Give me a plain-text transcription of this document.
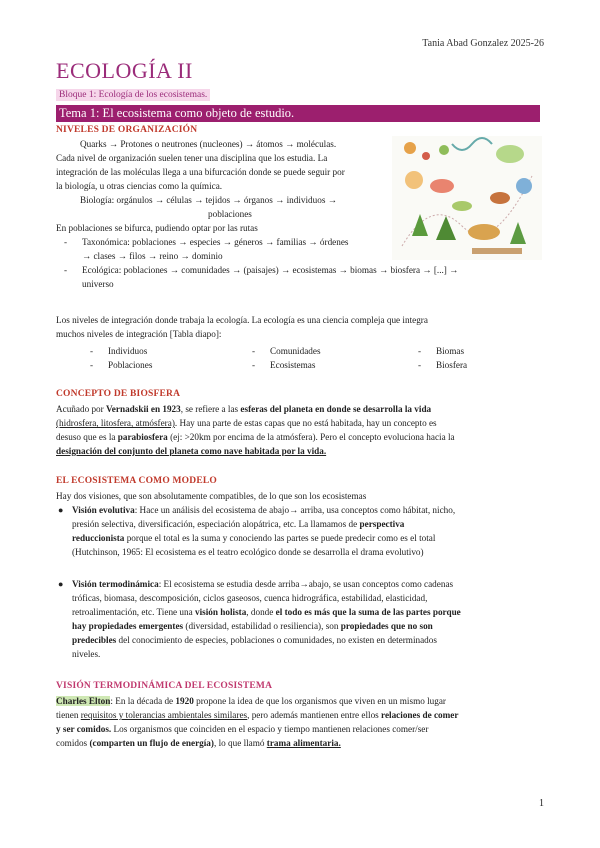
Tania Abad Gonzalez 2025-26
ECOLOGÍA II
Bloque 1: Ecología de los ecosistemas.
Tema 1: El ecosistema como objeto de estudio.
NIVELES DE ORGANIZACIÓN
Quarks → Protones o neutrones (nucleones) → átomos → moléculas.
Cada nivel de organización suelen tener una disciplina que los estudia. La
integración de las moléculas llega a una bifurcación donde se puede seguir por
la biología, u otras ciencias como la química.
Biología: orgánulos → células → tejidos → órganos → individuos →
poblaciones
En poblaciones se bifurca, pudiendo optar por las rutas
- Taxonómica: poblaciones → especies → géneros → familias → órdenes
→ clases → filos → reino → dominio
- Ecológica: poblaciones → comunidades → (paisajes) → ecosistemas → biomas → biosfera → [...] →
universo
Los niveles de integración donde trabaja la ecología. La ecología es una ciencia compleja que integra
muchos niveles de integración [Tabla diapo]:
- Individuos	- Comunidades	- Biomas
- Poblaciones	- Ecosistemas	- Biosfera
CONCEPTO DE BIOSFERA
Acuñado por Vernadskii en 1923, se refiere a las esferas del planeta en donde se desarrolla la vida
(hidrosfera, litosfera, atmósfera). Hay una parte de estas capas que no está habitada, hay un concepto es
desuso que es la parabiosfera (ej: >20km por encima de la atmósfera). Pero el concepto evoluciona hacia la
designación del conjunto del planeta como nave habitada por la vida.
EL ECOSISTEMA COMO MODELO
Hay dos visiones, que son absolutamente compatibles, de lo que son los ecosistemas
● Visión evolutiva: Hace un análisis del ecosistema de abajo→ arriba, usa conceptos como hábitat, nicho,
presión selectiva, diversificación, especiación alopátrica, etc. La llamamos de perspectiva
reduccionista porque el total es la suma y conociendo las partes se puede predecir como es el total
(Hutchinson, 1965: El ecosistema es el teatro ecológico donde se desarrolla el drama evolutivo)
● Visión termodinámica: El ecosistema se estudia desde arriba→abajo, se usan conceptos como cadenas
tróficas, biomasa, descomposición, ciclos gaseosos, cuenca hidrográfica, estabilidad, elasticidad,
retroalimentación, etc. Tiene una visión holista, donde el todo es más que la suma de las partes porque
hay propiedades emergentes (diversidad, estabilidad o resiliencia), son propiedades que no son
predecibles del conocimiento de especies, poblaciones o comunidades, no existen en determinados
niveles.
VISIÓN TERMODINÁMICA DEL ECOSISTEMA
Charles Elton: En la década de 1920 propone la idea de que los organismos que viven en un mismo lugar
tienen requisitos y tolerancias ambientales similares, pero además mantienen entre ellos relaciones de comer
y ser comidos. Los organismos que coinciden en el espacio y tiempo mantienen relaciones comer/ser
comidos (comparten un flujo de energía), lo que llamó trama alimentaria.
1
